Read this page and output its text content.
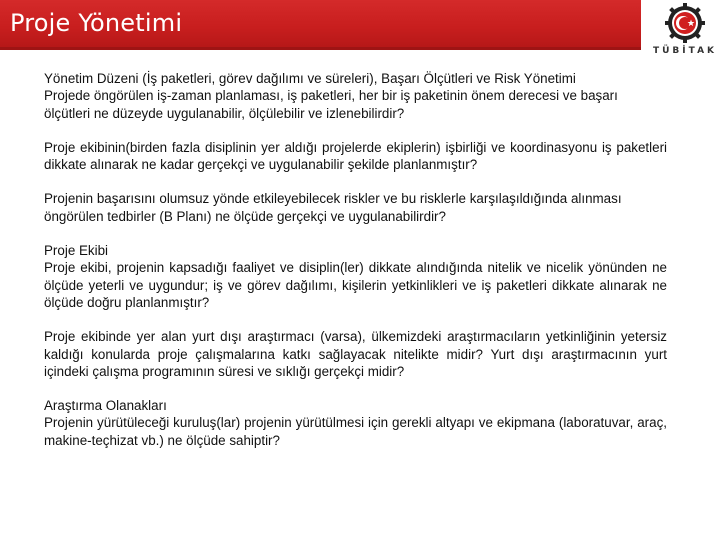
Proje Yönetimi
TÜBİTAK

Yönetim Düzeni (İş paketleri, görev dağılımı ve süreleri), Başarı Ölçütleri ve Risk Yönetimi
Projede öngörülen iş-zaman planlaması, iş paketleri, her bir iş paketinin önem derecesi ve başarı ölçütleri ne düzeyde uygulanabilir, ölçülebilir ve izlenebilirdir?

Proje ekibinin(birden fazla disiplinin yer aldığı projelerde ekiplerin) işbirliği ve koordinasyonu iş paketleri dikkate alınarak ne kadar gerçekçi ve uygulanabilir şekilde planlanmıştır?

Projenin başarısını olumsuz yönde etkileyebilecek riskler ve bu risklerle karşılaşıldığında alınması öngörülen tedbirler (B Planı) ne ölçüde gerçekçi ve uygulanabilirdir?

Proje Ekibi
Proje ekibi, projenin kapsadığı faaliyet ve disiplin(ler) dikkate alındığında nitelik ve nicelik yönünden ne ölçüde yeterli ve uygundur; iş ve görev dağılımı, kişilerin yetkinlikleri ve iş paketleri dikkate alınarak ne ölçüde doğru planlanmıştır?

Proje ekibinde yer alan yurt dışı araştırmacı (varsa), ülkemizdeki araştırmacıların yetkinliğinin yetersiz kaldığı konularda proje çalışmalarına katkı sağlayacak nitelikte midir? Yurt dışı araştırmacının yurt içindeki çalışma programının süresi ve sıklığı gerçekçi midir?

Araştırma Olanakları
Projenin yürütüleceği kuruluş(lar) projenin yürütülmesi için gerekli altyapı ve ekipmana (laboratuvar, araç, makine-teçhizat vb.) ne ölçüde sahiptir?
